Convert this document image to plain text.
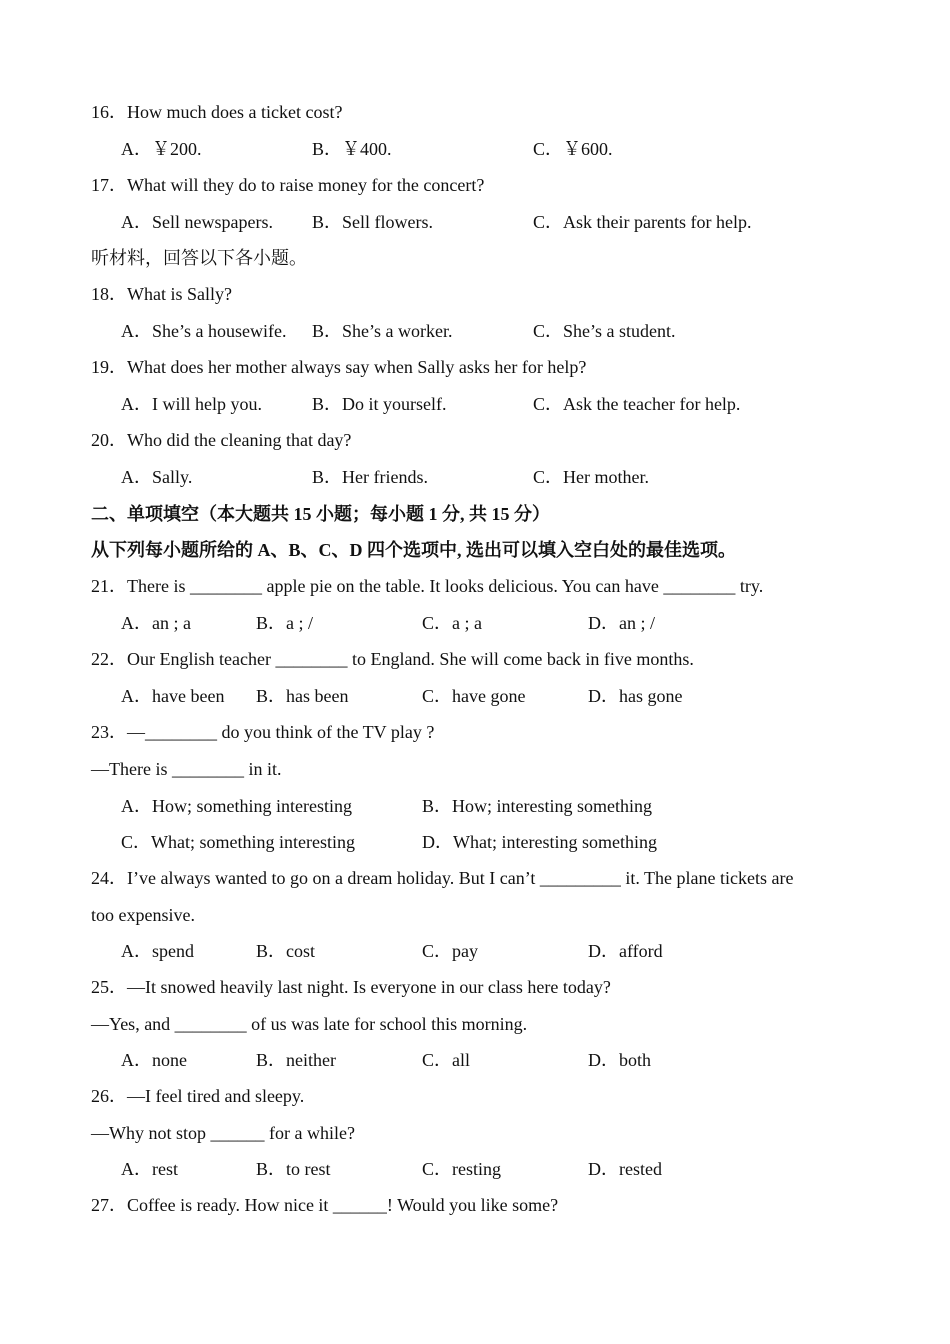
16．How much does a ticket cost?
A．￥200.	B．￥400.	C．￥600.
17．What will they do to raise money for the concert?
A．Sell newspapers. B．Sell flowers.	C．Ask their parents for help.
听材料，回答以下各小题。
18．What is Sally?
A．She’s a housewife. B．She’s a worker.	C．She’s a student.
19．What does her mother always say when Sally asks her for help?
A．I will help you.	B．Do it yourself.	C．Ask the teacher for help.
20．Who did the cleaning that day?
A．Sally.	B．Her friends.	C．Her mother.
二、单项填空（本大题共 15 小题；每小题 1 分, 共 15 分）
从下列每小题所给的 A、B、C、D 四个选项中, 选出可以填入空白处的最佳选项。
21．There is ________ apple pie on the table. It looks delicious. You can have ________ try.
A．an ; a	B．a ; /	C．a ; a	D．an ; /
22．Our English teacher ________ to England. She will come back in five months.
A．have been B．has been	C．have gone	D．has gone
23．—________ do you think of the TV play ?
—There is ________ in it.
A．How; something interesting	B．How; interesting something
C．What; something interesting	D．What; interesting something
24．I’ve always wanted to go on a dream holiday. But I can’t _________ it. The plane tickets are
too expensive.
A．spend	B．cost	C．pay	D．afford
25．—It snowed heavily last night. Is everyone in our class here today?
—Yes, and ________ of us was late for school this morning.
A．none	B．neither	C．all	D．both
26．—I feel tired and sleepy.
—Why not stop ______ for a while?
A．rest	B．to rest	C．resting	D．rested
27．Coffee is ready. How nice it ______! Would you like some?
